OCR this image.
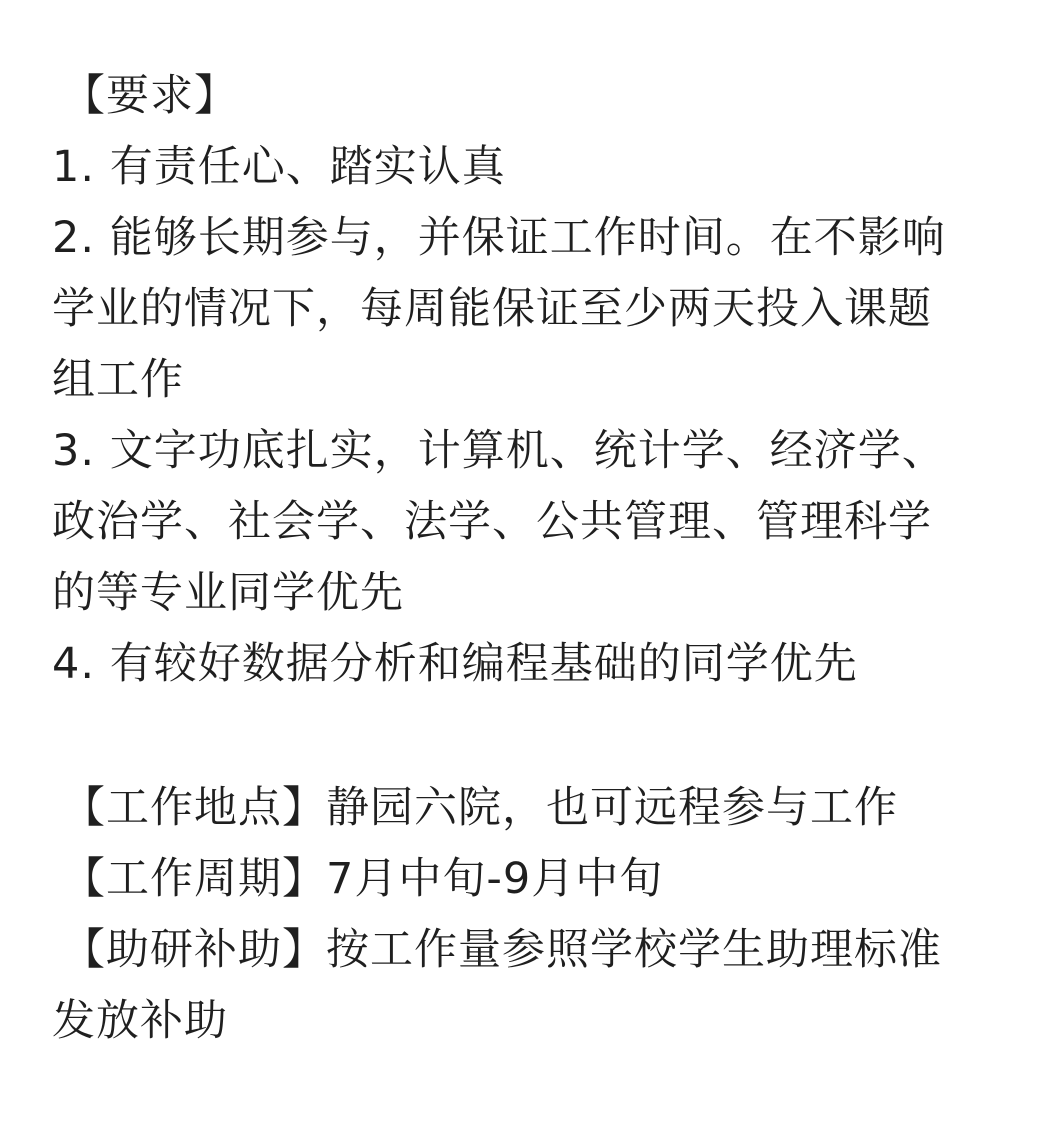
【要求】
1. 有责任心、踏实认真
2. 能够长期参与，并保证工作时间。在不影响
学业的情况下，每周能保证至少两天投入课题
组工作
3. 文字功底扎实，计算机、统计学、经济学、
政治学、社会学、法学、公共管理、管理科学
的等专业同学优先
4. 有较好数据分析和编程基础的同学优先
【工作地点】静园六院，也可远程参与工作
【工作周期】7月中旬-9月中旬
【助研补助】按工作量参照学校学生助理标准
发放补助
